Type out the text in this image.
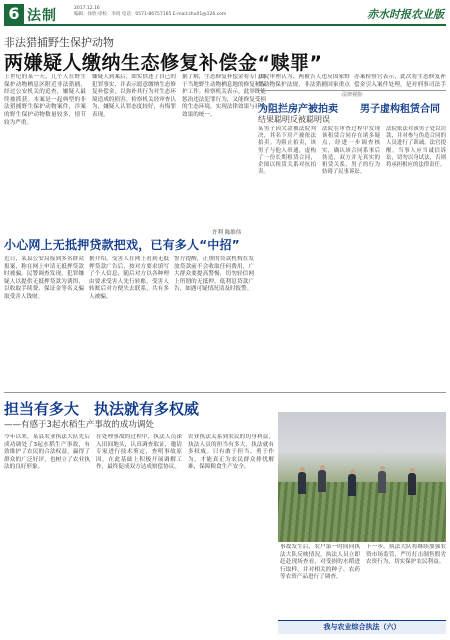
6 法制	2017.12.16
编辑：徐欣·审校：李琦 电话：0571-86757165 E-mail:zhu01@126.com	赤水时报农业版
非法猎捕野生保护动物
两嫌疑人缴纳生态修复补偿金“赎罪”

上世纪的某一天，几个人在野生保护动物栖息区附近非法猎捕，经过公安机关的追查，嫌疑人最终被抓获。本案是一起典型的非法猎捕野生保护动物案件，涉案的野生保护动物数量较多，情节较为严重。

嫌疑人到案后，如实供述了自己的犯罪事实，并表示愿意缴纳生态修复补偿金，以弥补其行为对生态环境造成的损害。检察机关经审查认为，嫌疑人认罪态度较好，有悔罪表现。

据了解，生态修复补偿金将专门用于当地野生动物栖息地的修复和保护工作。检察机关表示，此举既能惩治违法犯罪行为，又能修复受损的生态环境，实现法律效果与社会效果的统一。

小心网上无抵押贷款把戏，已有多人“中招”

近日，某县公安局接到多名群众报案，称在网上申请无抵押贷款时被骗。民警调查发现，犯罪嫌疑人以提供无抵押贷款为诱饵，以收取手续费、保证金等名义骗取受害人钱财。

据介绍，受害人在网上看到无抵押贷款广告后，按对方要求填写了个人信息，随后对方以各种理由要求受害人先行转账，受害人转账后对方便失去联系，共有多人被骗。

警方提醒，正规的贷款机构在发放贷款前不会收取任何费用，广大群众要提高警惕，切勿轻信网上所谓的无抵押、低利息贷款广告，如遇可疑情况请及时报警。

·法律视窗·
为阻拦房产被拍卖 男子虚构租赁合同
结果聪明反被聪明误

某男子因欠款被法院判决，其名下房产被依法拍卖。为阻止拍卖，该男子与他人串通，虚构了一份长期租赁合同，企图以租赁关系对抗拍卖。

法院在审查过程中发现该租赁合同存在诸多疑点，经进一步调查核实，确认该合同系事后伪造，双方并无真实的租赁关系，男子的行为妨碍了民事诉讼。

法院依法对该男子处以罚款，并对参与伪造合同的人员进行了训诫。法官提醒，当事人应当诚信诉讼，切勿以身试法，否则将承担相应的法律责任。

法院审理认为，两被告人违反国家野生动物保护法规，非法猎捕国家重点

办案检察官表示，此次将生态修复补偿金引入案件处理，是对刑事司法手

许利 陈维伟
担当有多大　执法就有多权威
——有感于3起水稻生产事故的成功调处

今年以来，某县农业执法大队先后成功调处了3起水稻生产事故，有效维护了农民的合法权益，赢得了群众的广泛好评，也树立了农业执法的良好形象。

在处理事故的过程中，执法人员深入田间地头，认真调查取证，邀请专家进行技术鉴定，查明事故原因，在此基础上积极开展调解工作，最终促成双方达成赔偿协议。

农业执法关系到农民的切身利益，执法人员的担当有多大，执法就有多权威。只有敢于担当、勇于作为，才能真正为农民群众排忧解难，保障粮食生产安全。

事故发生后，农户第一时间向执法大队反映情况，执法人员立即赶赴现场查看，对受损的水稻进行取样，并对相关的种子、农药等农资产品进行了调查。

下一步，执法大队将继续加强农资市场监管，严厉打击制售假劣农资行为，切实保护农民利益。

我与农业综合执法（六）
